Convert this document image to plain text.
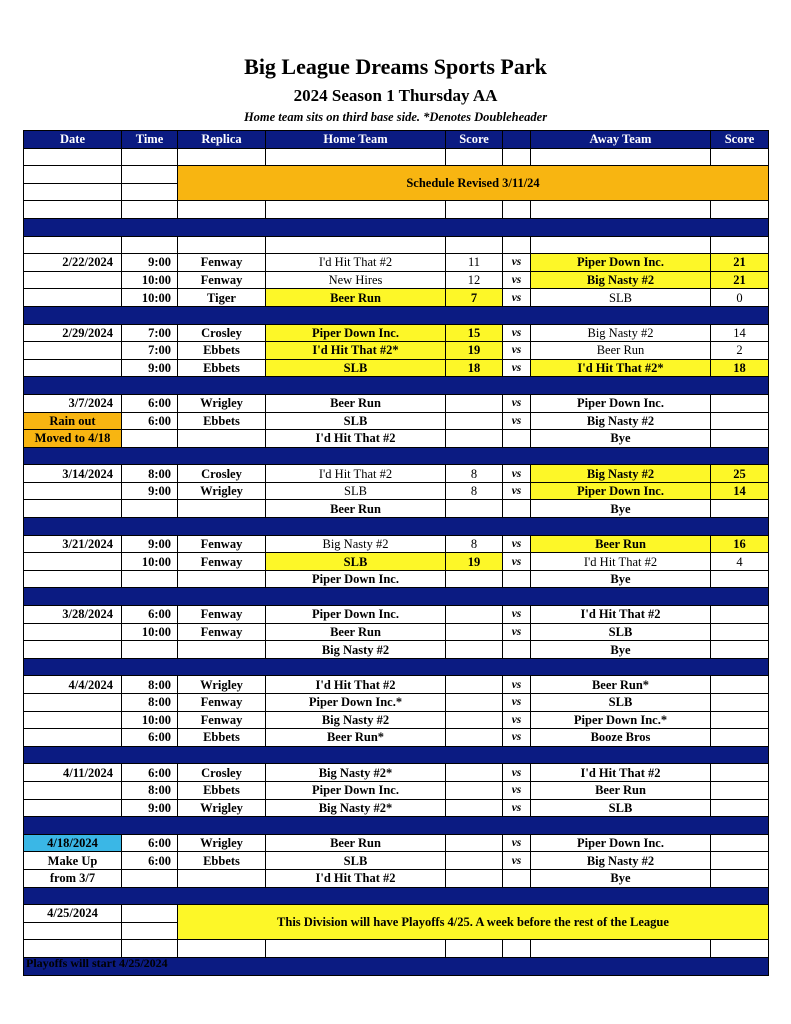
Big League Dreams Sports Park
2024 Season 1 Thursday AA
Home team sits on third base side. *Denotes Doubleheader
Date	Time	Replica	Home Team	Score		Away Team	Score

		Schedule Revised 3/11/24					

2/22/2024	9:00	Fenway	I'd Hit That #2	11	vs	Piper Down Inc.	21
	10:00	Fenway	New Hires	12	vs	Big Nasty #2	21
	10:00	Tiger	Beer Run	7	vs	SLB	0

2/29/2024	7:00	Crosley	Piper Down Inc.	15	vs	Big Nasty #2	14
	7:00	Ebbets	I'd Hit That #2*	19	vs	Beer Run	2
	9:00	Ebbets	SLB	18	vs	I'd Hit That #2*	18

3/7/2024	6:00	Wrigley	Beer Run		vs	Piper Down Inc.	
Rain out	6:00	Ebbets	SLB		vs	Big Nasty #2	
Moved to 4/18			I'd Hit That #2			Bye	

3/14/2024	8:00	Crosley	I'd Hit That #2	8	vs	Big Nasty #2	25
	9:00	Wrigley	SLB	8	vs	Piper Down Inc.	14
			Beer Run			Bye	

3/21/2024	9:00	Fenway	Big Nasty #2	8	vs	Beer Run	16
	10:00	Fenway	SLB	19	vs	I'd Hit That #2	4
			Piper Down Inc.			Bye	

3/28/2024	6:00	Fenway	Piper Down Inc.		vs	I'd Hit That #2	
	10:00	Fenway	Beer Run		vs	SLB	
			Big Nasty #2			Bye	

4/4/2024	8:00	Wrigley	I'd Hit That #2		vs	Beer Run*	
	8:00	Fenway	Piper Down Inc.*		vs	SLB	
	10:00	Fenway	Big Nasty #2		vs	Piper Down Inc.*	
	6:00	Ebbets	Beer Run*		vs	Booze Bros	

4/11/2024	6:00	Crosley	Big Nasty #2*		vs	I'd Hit That #2	
	8:00	Ebbets	Piper Down Inc.		vs	Beer Run	
	9:00	Wrigley	Big Nasty #2*		vs	SLB	

4/18/2024	6:00	Wrigley	Beer Run		vs	Piper Down Inc.	
Make Up	6:00	Ebbets	SLB		vs	Big Nasty #2	
from 3/7			I'd Hit That #2			Bye	

4/25/2024		This Division will have Playoffs 4/25. A week before the rest of the League					

Playoffs will start 4/25/2024
